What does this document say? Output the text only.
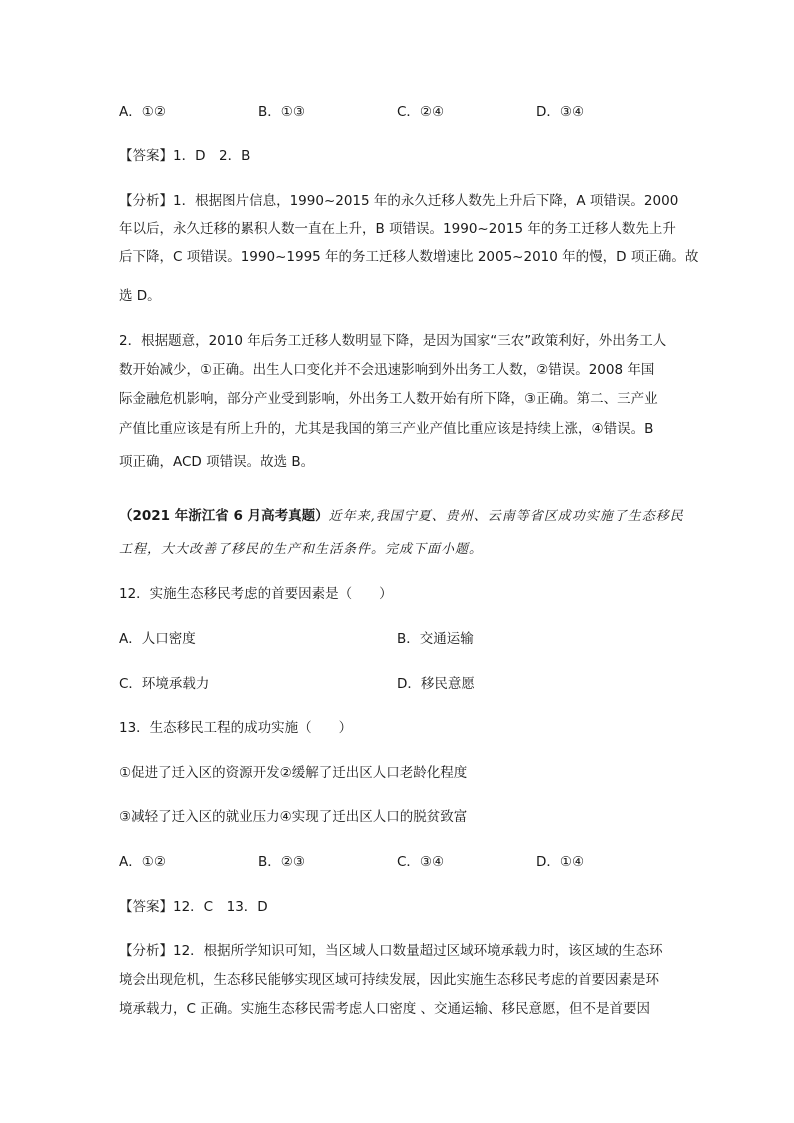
A．①②	B．①③	C．②④	D．③④
【答案】1．D　2．B
【分析】1．根据图片信息，1990~2015 年的永久迁移人数先上升后下降，A 项错误。2000
年以后，永久迁移的累积人数一直在上升，B 项错误。1990~2015 年的务工迁移人数先上升
后下降，C 项错误。1990~1995 年的务工迁移人数增速比 2005~2010 年的慢，D 项正确。故
选 D。
2．根据题意，2010 年后务工迁移人数明显下降，是因为国家“三农”政策利好，外出务工人
数开始减少，①正确。出生人口变化并不会迅速影响到外出务工人数，②错误。2008 年国
际金融危机影响，部分产业受到影响，外出务工人数开始有所下降，③正确。第二、三产业
产值比重应该是有所上升的，尤其是我国的第三产业产值比重应该是持续上涨，④错误。B
项正确，ACD 项错误。故选 B。
（2021 年浙江省 6 月高考真题）近年来,我国宁夏、贵州、云南等省区成功实施了生态移民
工程，大大改善了移民的生产和生活条件。完成下面小题。
12．实施生态移民考虑的首要因素是（　　）
A．人口密度	B．交通运输
C．环境承载力	D．移民意愿
13．生态移民工程的成功实施（　　）
①促进了迁入区的资源开发②缓解了迁出区人口老龄化程度
③减轻了迁入区的就业压力④实现了迁出区人口的脱贫致富
A．①②	B．②③	C．③④	D．①④
【答案】12．C　13．D
【分析】12．根据所学知识可知，当区域人口数量超过区域环境承载力时，该区域的生态环
境会出现危机，生态移民能够实现区域可持续发展，因此实施生态移民考虑的首要因素是环
境承载力，C 正确。实施生态移民需考虑人口密度 、交通运输、移民意愿，但不是首要因
